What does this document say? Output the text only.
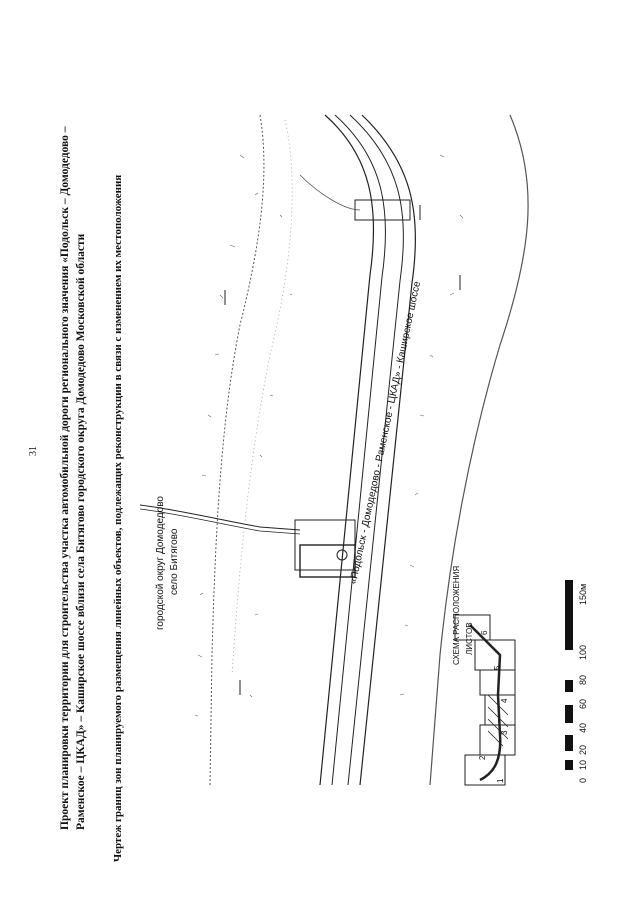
31 Проект планировки территории для строительства участка автомобильной дороги регионального значения «Подольск – Домодедово – Раменское – ЦКАД» – Каширское шоссе вблизи села Битягово городского округа Домодедово Московской области Чертеж границ зон планируемого размещения линейных объектов, подлежащих реконструкции в связи с изменением их местоположения	городской округ Домодедово село Битягово	«Подольск - Домодедово - Раменское - ЦКАД» - Каширское шоссе
СХЕМА РАСПОЛОЖЕНИЯ ЛИСТОВ
1
2
3
4
5
6
0
10
20
40
60
80
100
150м
